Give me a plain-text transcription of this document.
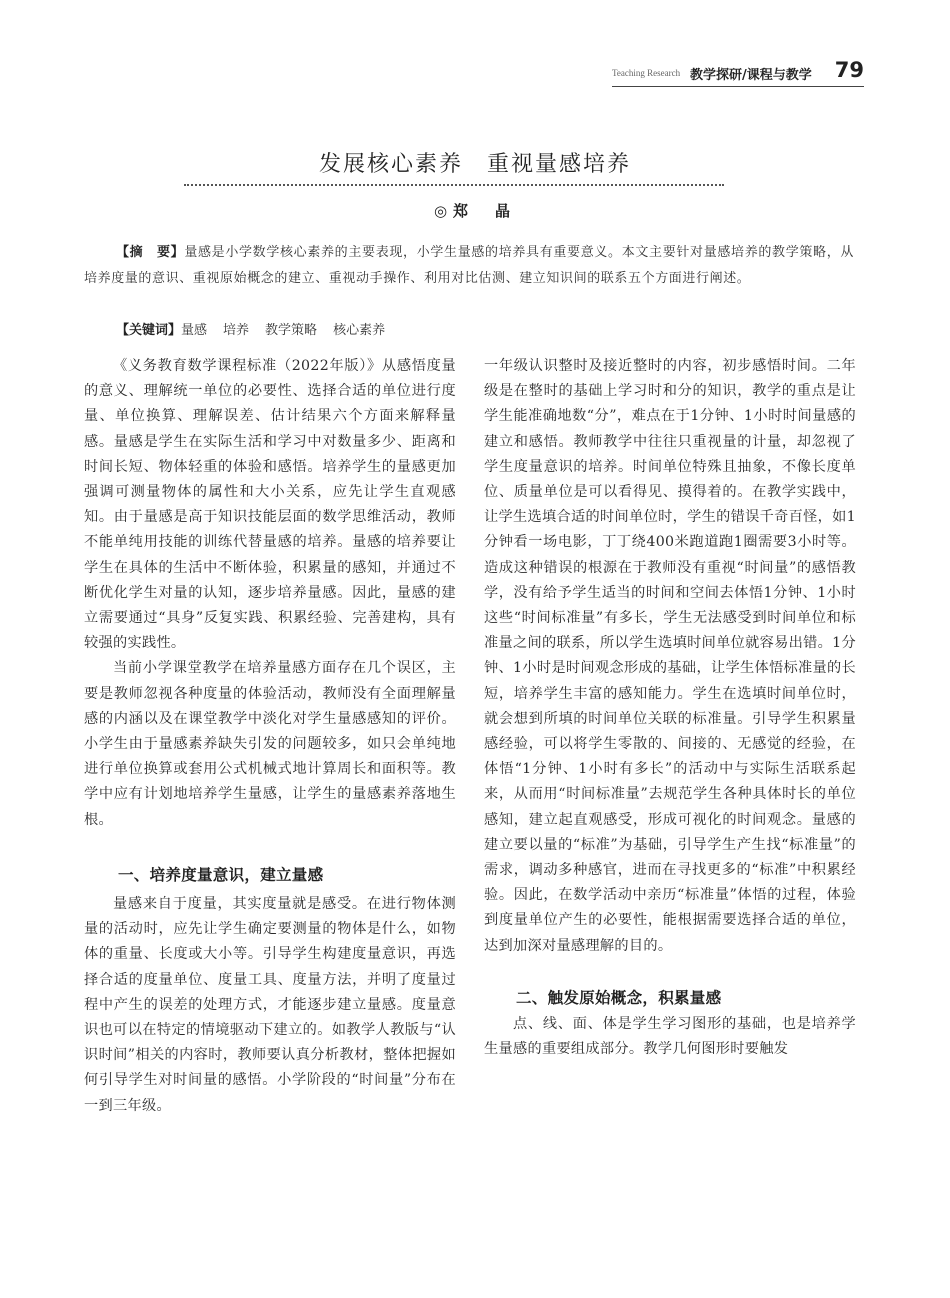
Teaching Research 教学探研/课程与教学 79
发展核心素养　重视量感培养
◎郑　晶
【摘　要】量感是小学数学核心素养的主要表现，小学生量感的培养具有重要意义。本文主要针对量感培养的教学策略，从培养度量的意识、重视原始概念的建立、重视动手操作、利用对比估测、建立知识间的联系五个方面进行阐述。
【关键词】量感 培养 教学策略 核心素养

《义务教育数学课程标准（2022年版）》从感悟度量的意义、理解统一单位的必要性、选择合适的单位进行度量、单位换算、理解误差、估计结果六个方面来解释量感。量感是学生在实际生活和学习中对数量多少、距离和时间长短、物体轻重的体验和感悟。培养学生的量感更加强调可测量物体的属性和大小关系，应先让学生直观感知。由于量感是高于知识技能层面的数学思维活动，教师不能单纯用技能的训练代替量感的培养。量感的培养要让学生在具体的生活中不断体验，积累量的感知，并通过不断优化学生对量的认知，逐步培养量感。因此，量感的建立需要通过“具身”反复实践、积累经验、完善建构，具有较强的实践性。

当前小学课堂教学在培养量感方面存在几个误区，主要是教师忽视各种度量的体验活动，教师没有全面理解量感的内涵以及在课堂教学中淡化对学生量感感知的评价。小学生由于量感素养缺失引发的问题较多，如只会单纯地进行单位换算或套用公式机械式地计算周长和面积等。教学中应有计划地培养学生量感，让学生的量感素养落地生根。

一、培养度量意识，建立量感

量感来自于度量，其实度量就是感受。在进行物体测量的活动时，应先让学生确定要测量的物体是什么，如物体的重量、长度或大小等。引导学生构建度量意识，再选择合适的度量单位、度量工具、度量方法，并明了度量过程中产生的误差的处理方式，才能逐步建立量感。度量意识也可以在特定的情境驱动下建立的。如教学人教版与“认识时间”相关的内容时，教师要认真分析教材，整体把握如何引导学生对时间量的感悟。小学阶段的“时间量”分布在一到三年级。

一年级认识整时及接近整时的内容，初步感悟时间。二年级是在整时的基础上学习时和分的知识，教学的重点是让学生能准确地数“分”，难点在于1分钟、1小时时间量感的建立和感悟。教师教学中往往只重视量的计量，却忽视了学生度量意识的培养。时间单位特殊且抽象，不像长度单位、质量单位是可以看得见、摸得着的。在教学实践中，让学生选填合适的时间单位时，学生的错误千奇百怪，如1分钟看一场电影，丁丁绕400米跑道跑1圈需要3小时等。造成这种错误的根源在于教师没有重视“时间量”的感悟教学，没有给予学生适当的时间和空间去体悟1分钟、1小时这些“时间标准量”有多长，学生无法感受到时间单位和标准量之间的联系，所以学生选填时间单位就容易出错。1分钟、1小时是时间观念形成的基础，让学生体悟标准量的长短，培养学生丰富的感知能力。学生在选填时间单位时，就会想到所填的时间单位关联的标准量。引导学生积累量感经验，可以将学生零散的、间接的、无感觉的经验，在体悟“1分钟、1小时有多长”的活动中与实际生活联系起来，从而用“时间标准量”去规范学生各种具体时长的单位感知，建立起直观感受，形成可视化的时间观念。量感的建立要以量的“标准”为基础，引导学生产生找“标准量”的需求，调动多种感官，进而在寻找更多的“标准”中积累经验。因此，在数学活动中亲历“标准量”体悟的过程，体验到度量单位产生的必要性，能根据需要选择合适的单位，达到加深对量感理解的目的。

二、触发原始概念，积累量感

点、线、面、体是学生学习图形的基础，也是培养学生量感的重要组成部分。教学几何图形时要触发
